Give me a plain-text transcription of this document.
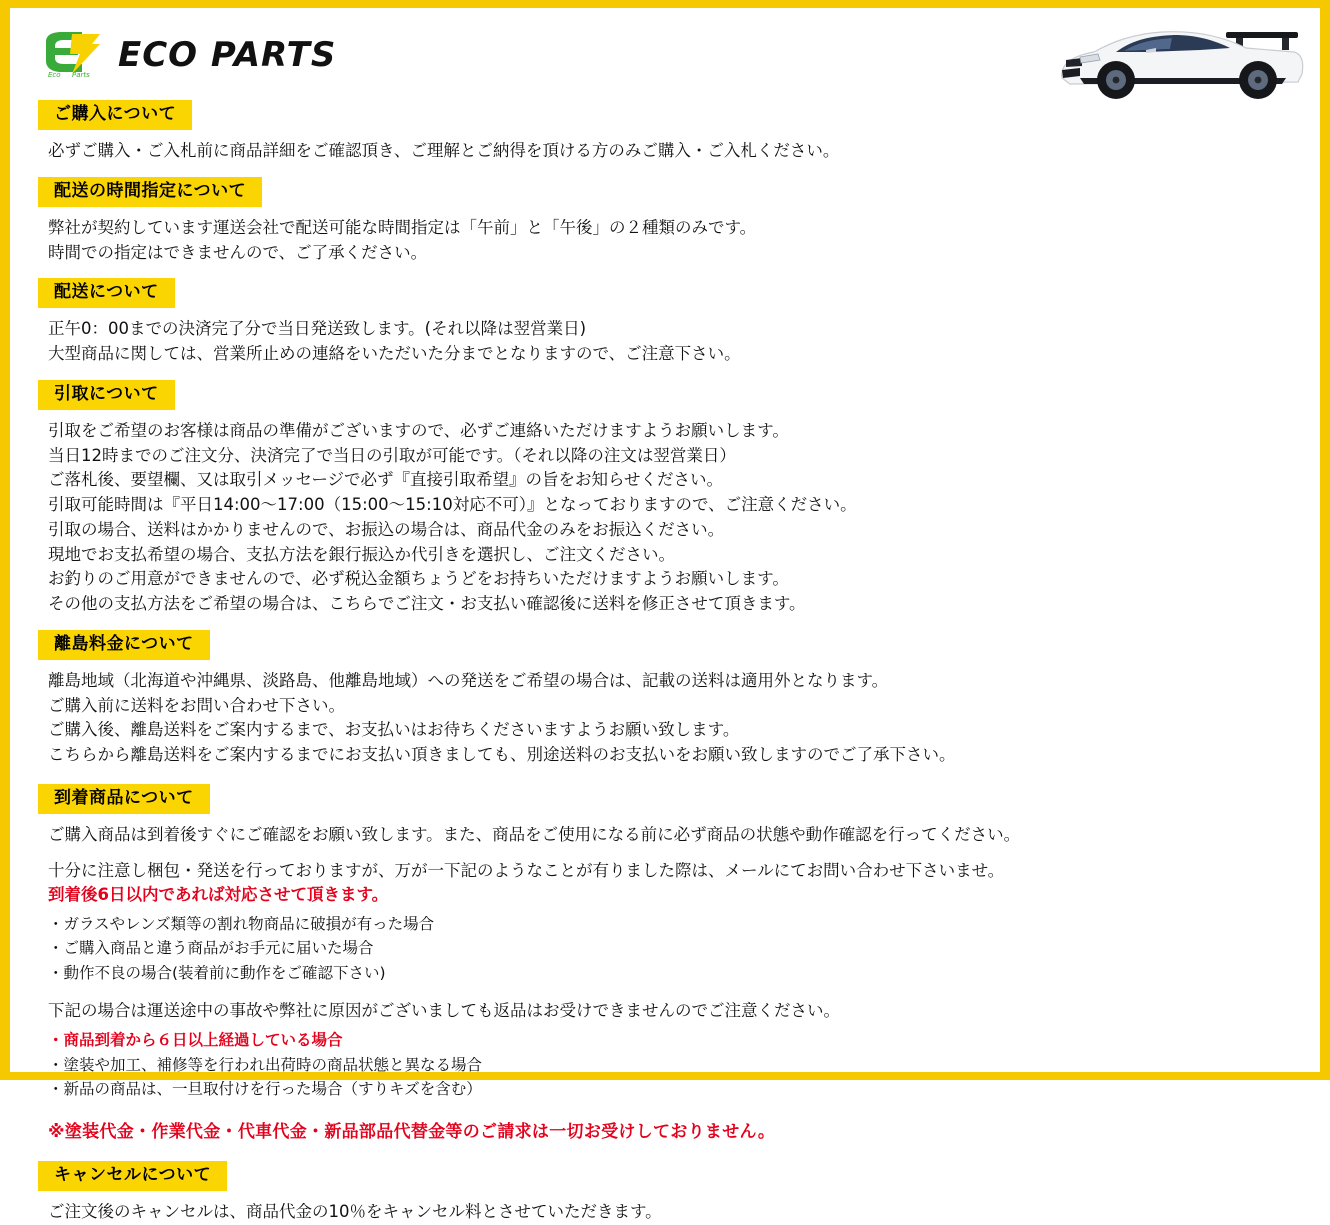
Eco Parts ECO PARTS
ご購入について
必ずご購入・ご入札前に商品詳細をご確認頂き、ご理解とご納得を頂ける方のみご購入・ご入札ください。
配送の時間指定について
弊社が契約しています運送会社で配送可能な時間指定は「午前」と「午後」の２種類のみです。
時間での指定はできませんので、ご了承ください。
配送について
正午0：00までの決済完了分で当日発送致します。(それ以降は翌営業日)
大型商品に関しては、営業所止めの連絡をいただいた分までとなりますので、ご注意下さい。
引取について
引取をご希望のお客様は商品の準備がございますので、必ずご連絡いただけますようお願いします。
当日12時までのご注文分、決済完了で当日の引取が可能です。（それ以降の注文は翌営業日）
ご落札後、要望欄、又は取引メッセージで必ず『直接引取希望』の旨をお知らせください。
引取可能時間は『平日14:00〜17:00（15:00〜15:10対応不可）』となっておりますので、ご注意ください。
引取の場合、送料はかかりませんので、お振込の場合は、商品代金のみをお振込ください。
現地でお支払希望の場合、支払方法を銀行振込か代引きを選択し、ご注文ください。
お釣りのご用意ができませんので、必ず税込金額ちょうどをお持ちいただけますようお願いします。
その他の支払方法をご希望の場合は、こちらでご注文・お支払い確認後に送料を修正させて頂きます。
離島料金について
離島地域（北海道や沖縄県、淡路島、他離島地域）への発送をご希望の場合は、記載の送料は適用外となります。
ご購入前に送料をお問い合わせ下さい。
ご購入後、離島送料をご案内するまで、お支払いはお待ちくださいますようお願い致します。
こちらから離島送料をご案内するまでにお支払い頂きましても、別途送料のお支払いをお願い致しますのでご了承下さい。
到着商品について
ご購入商品は到着後すぐにご確認をお願い致します。また、商品をご使用になる前に必ず商品の状態や動作確認を行ってください。
十分に注意し梱包・発送を行っておりますが、万が一下記のようなことが有りました際は、メールにてお問い合わせ下さいませ。
到着後6日以内であれば対応させて頂きます。
・ガラスやレンズ類等の割れ物商品に破損が有った場合
・ご購入商品と違う商品がお手元に届いた場合
・動作不良の場合(装着前に動作をご確認下さい)
下記の場合は運送途中の事故や弊社に原因がございましても返品はお受けできませんのでご注意ください。
・商品到着から６日以上経過している場合
・塗装や加工、補修等を行われ出荷時の商品状態と異なる場合
・新品の商品は、一旦取付けを行った場合（すりキズを含む）
※塗装代金・作業代金・代車代金・新品部品代替金等のご請求は一切お受けしておりません。
キャンセルについて
ご注文後のキャンセルは、商品代金の10％をキャンセル料とさせていただきます。
